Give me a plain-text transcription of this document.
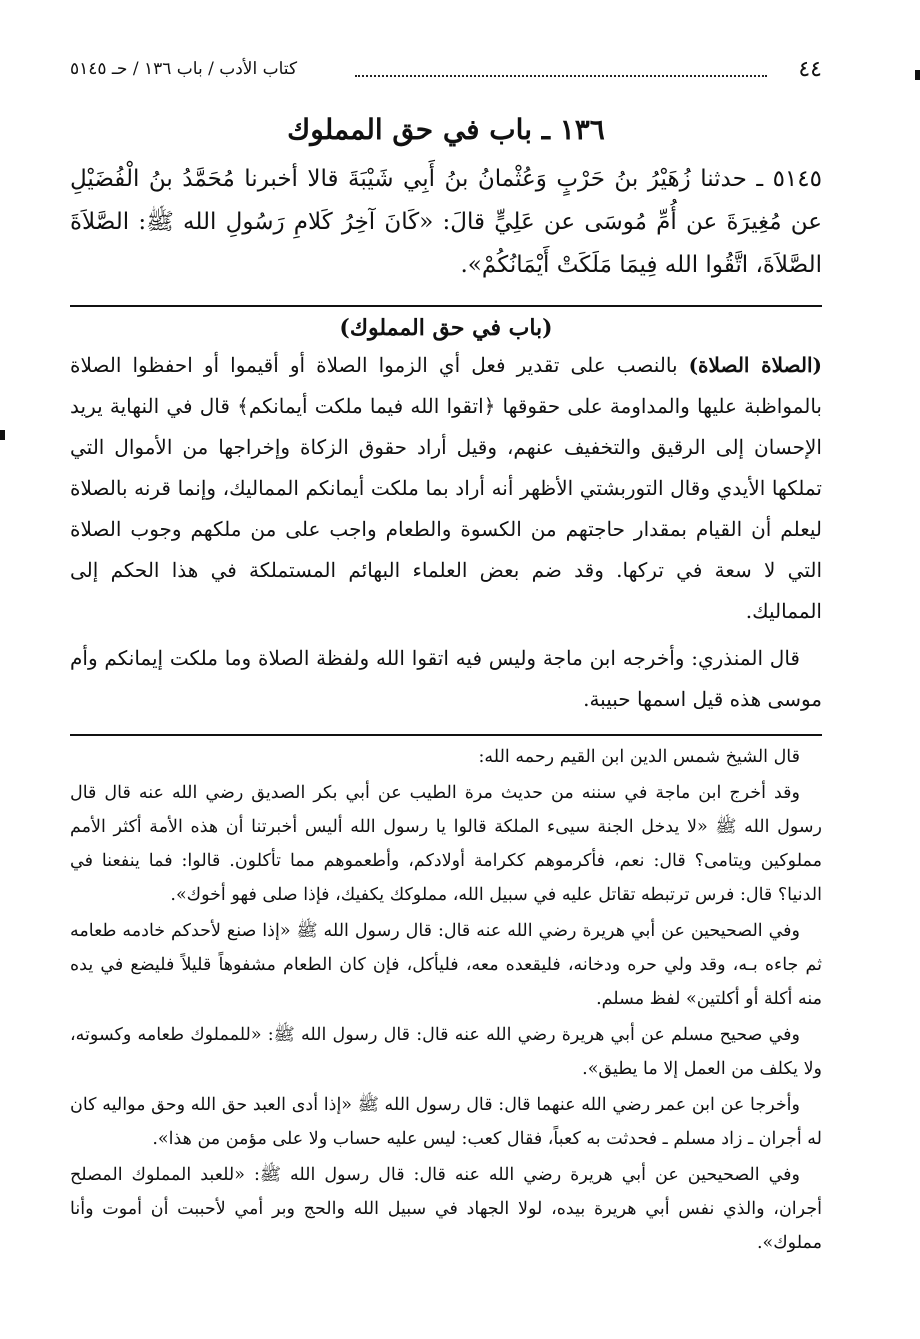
٤٤
كتاب الأدب / باب ١٣٦ / حـ ٥١٤٥
١٣٦ ـ باب في حق المملوك

٥١٤٥ ـ حدثنا زُهَيْرُ بنُ حَرْبٍ وَعُثْمانُ بنُ أَبِي شَيْبَةَ قالا أخبرنا مُحَمَّدُ بنُ الْفُضَيْلِ عن مُغِيرَةَ عن أُمِّ مُوسَى عن عَلِيٍّ قالَ: «كَانَ آخِرُ كَلامِ رَسُولِ الله ﷺ: الصَّلاَةَ الصَّلاَةَ، اتَّقُوا الله فِيمَا مَلَكَتْ أَيْمَانُكُمْ».

(باب في حق المملوك)

(الصلاة الصلاة) بالنصب على تقدير فعل أي الزموا الصلاة أو أقيموا أو احفظوا الصلاة بالمواظبة عليها والمداومة على حقوقها ﴿اتقوا الله فيما ملكت أيمانكم﴾ قال في النهاية يريد الإحسان إلى الرقيق والتخفيف عنهم، وقيل أراد حقوق الزكاة وإخراجها من الأموال التي تملكها الأيدي وقال التوربشتي الأظهر أنه أراد بما ملكت أيمانكم المماليك، وإنما قرنه بالصلاة ليعلم أن القيام بمقدار حاجتهم من الكسوة والطعام واجب على من ملكهم وجوب الصلاة التي لا سعة في تركها. وقد ضم بعض العلماء البهائم المستملكة في هذا الحكم إلى المماليك.

قال المنذري: وأخرجه ابن ماجة وليس فيه اتقوا الله ولفظة الصلاة وما ملكت إيمانكم وأم موسى هذه قيل اسمها حبيبة.

قال الشيخ شمس الدين ابن القيم رحمه الله:

وقد أخرج ابن ماجة في سننه من حديث مرة الطيب عن أبي بكر الصديق رضي الله عنه قال قال رسول الله ﷺ «لا يدخل الجنة سيىء الملكة قالوا يا رسول الله أليس أخبرتنا أن هذه الأمة أكثر الأمم مملوكين ويتامى؟ قال: نعم، فأكرموهم ككرامة أولادكم، وأطعموهم مما تأكلون. قالوا: فما ينفعنا في الدنيا؟ قال: فرس ترتبطه تقاتل عليه في سبيل الله، مملوكك يكفيك، فإذا صلى فهو أخوك».

وفي الصحيحين عن أبي هريرة رضي الله عنه قال: قال رسول الله ﷺ «إذا صنع لأحدكم خادمه طعامه ثم جاءه بـه، وقد ولي حره ودخانه، فليقعده معه، فليأكل، فإن كان الطعام مشفوهاً قليلاً فليضع في يده منه أكلة أو أكلتين» لفظ مسلم.

وفي صحيح مسلم عن أبي هريرة رضي الله عنه قال: قال رسول الله ﷺ: «للمملوك طعامه وكسوته، ولا يكلف من العمل إلا ما يطيق».

وأخرجا عن ابن عمر رضي الله عنهما قال: قال رسول الله ﷺ «إذا أدى العبد حق الله وحق مواليه كان له أجران ـ زاد مسلم ـ فحدثت به كعباً، فقال كعب: ليس عليه حساب ولا على مؤمن من هذا».

وفي الصحيحين عن أبي هريرة رضي الله عنه قال: قال رسول الله ﷺ: «للعبد المملوك المصلح أجران، والذي نفس أبي هريرة بيده، لولا الجهاد في سبيل الله والحج وبر أمي لأحببت أن أموت وأنا مملوك».
